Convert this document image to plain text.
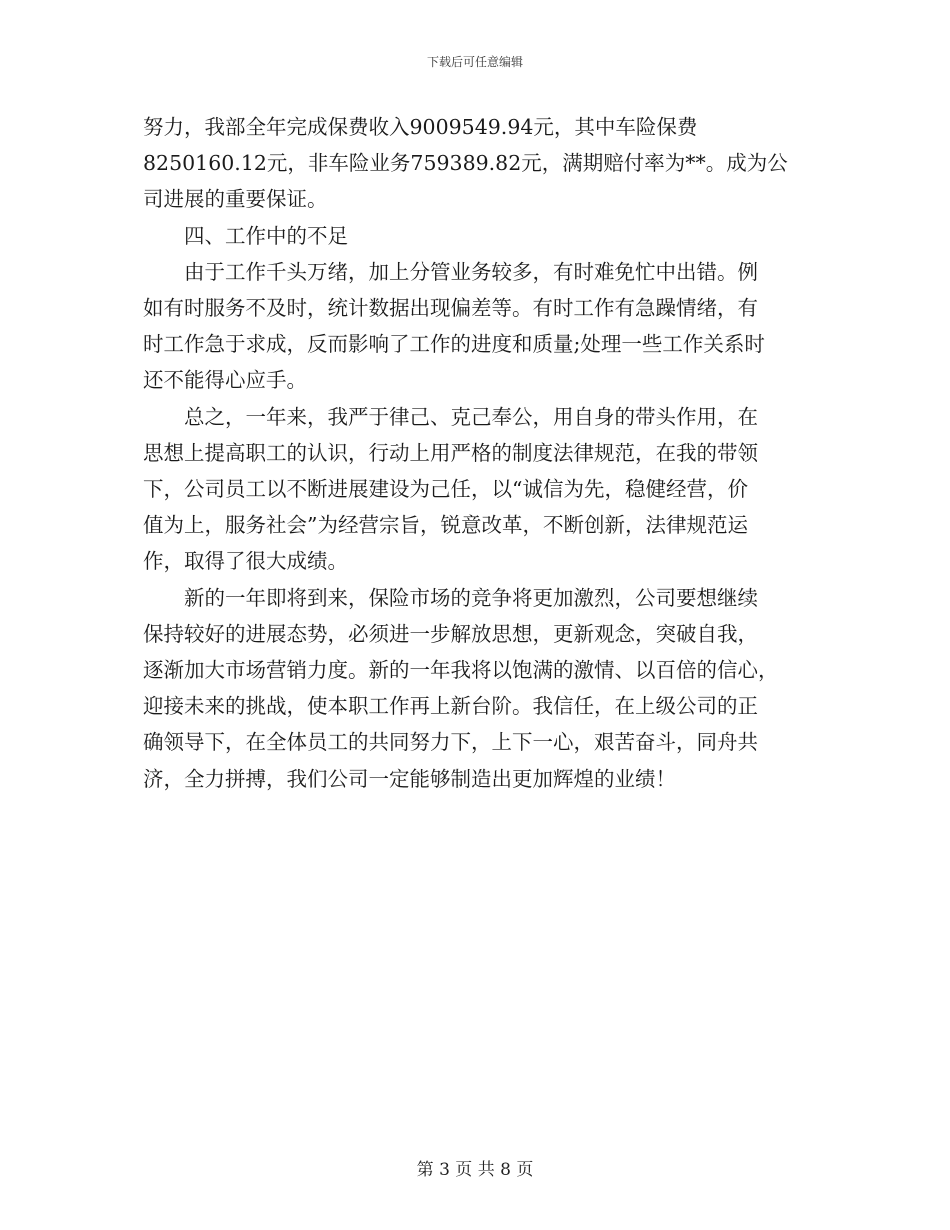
下载后可任意编辑

努力，我部全年完成保费收入9009549.94元，其中车险保费

8250160.12元，非车险业务759389.82元，满期赔付率为**。成为公

司进展的重要保证。

四、工作中的不足

由于工作千头万绪，加上分管业务较多，有时难免忙中出错。例

如有时服务不及时，统计数据出现偏差等。有时工作有急躁情绪，有

时工作急于求成，反而影响了工作的进度和质量;处理一些工作关系时

还不能得心应手。

总之，一年来，我严于律己、克己奉公，用自身的带头作用，在

思想上提高职工的认识，行动上用严格的制度法律规范，在我的带领

下，公司员工以不断进展建设为己任，以“诚信为先，稳健经营，价

值为上，服务社会”为经营宗旨，锐意改革，不断创新，法律规范运

作，取得了很大成绩。

新的一年即将到来，保险市场的竞争将更加激烈，公司要想继续

保持较好的进展态势，必须进一步解放思想，更新观念，突破自我，

逐渐加大市场营销力度。新的一年我将以饱满的激情、以百倍的信心，

迎接未来的挑战，使本职工作再上新台阶。我信任，在上级公司的正

确领导下，在全体员工的共同努力下，上下一心，艰苦奋斗，同舟共

济，全力拼搏，我们公司一定能够制造出更加辉煌的业绩！

第 3 页 共 8 页
